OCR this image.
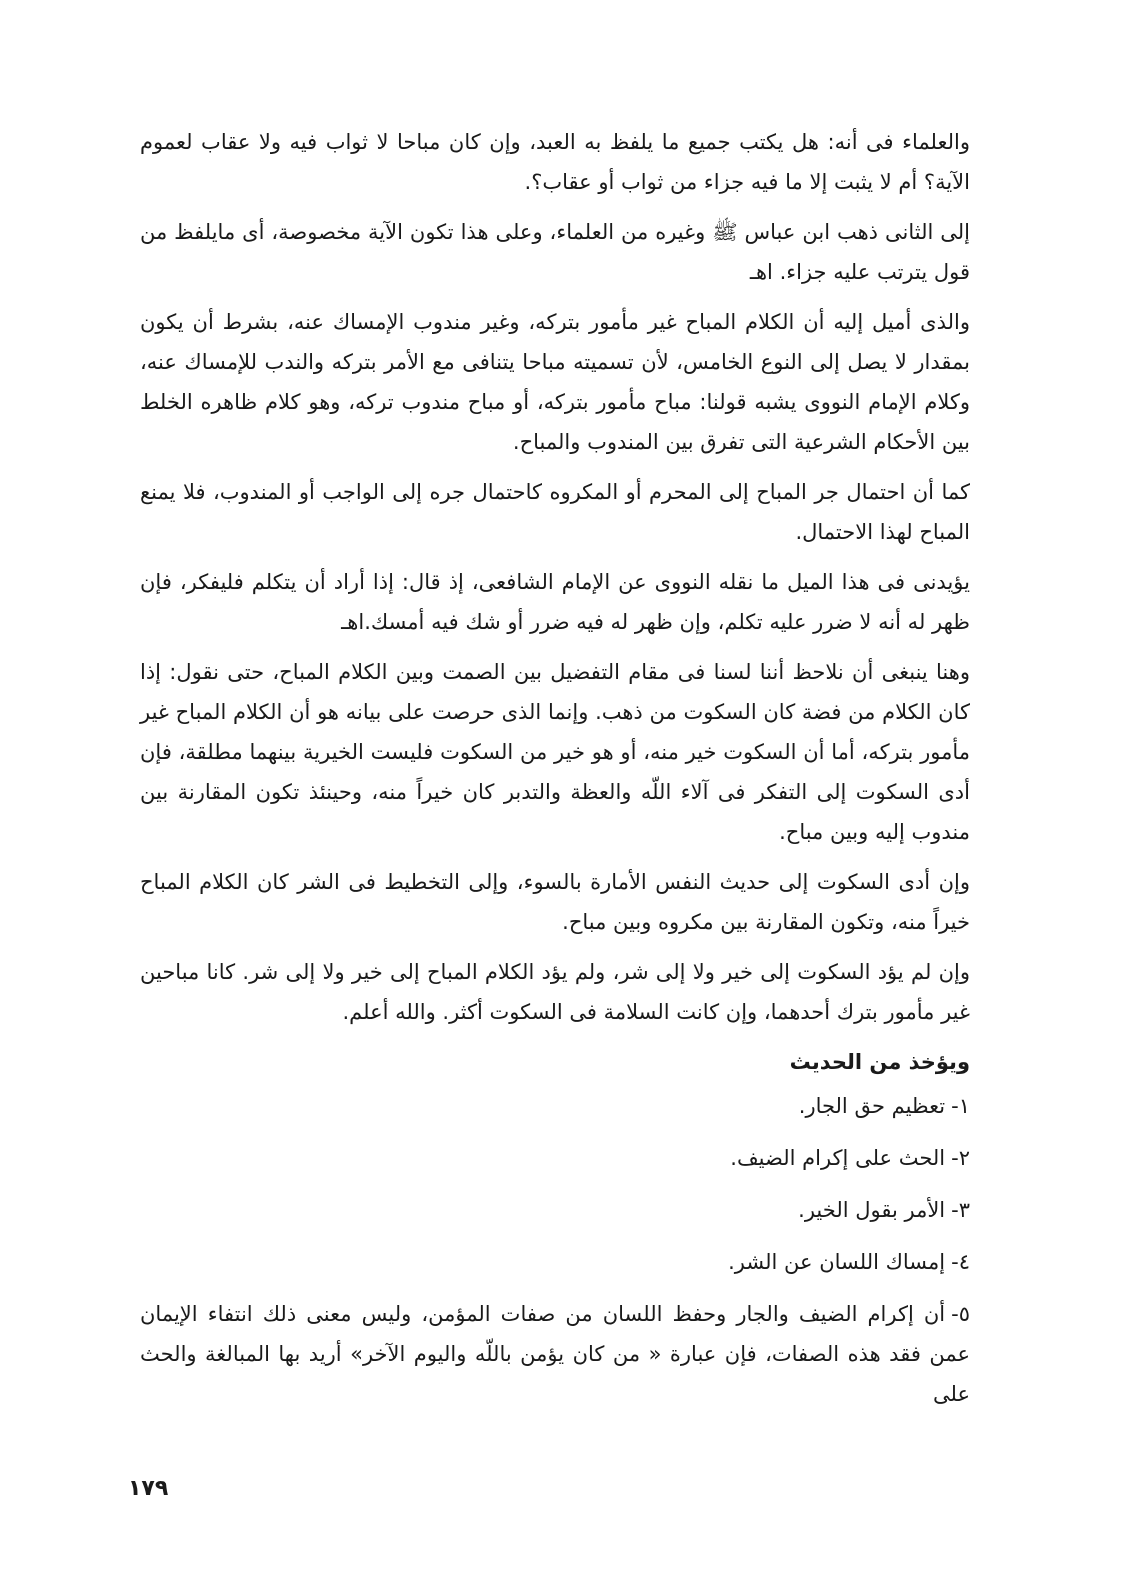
والعلماء فى أنه: هل يكتب جميع ما يلفظ به العبد، وإن كان مباحا لا ثواب فيه ولا عقاب لعموم الآية؟ أم لا يثبت إلا ما فيه جزاء من ثواب أو عقاب؟.

إلى الثانى ذهب ابن عباس ﷺ وغيره من العلماء، وعلى هذا تكون الآية مخصوصة، أى مايلفظ من قول يترتب عليه جزاء. اهـ

والذى أميل إليه أن الكلام المباح غير مأمور بتركه، وغير مندوب الإمساك عنه، بشرط أن يكون بمقدار لا يصل إلى النوع الخامس، لأن تسميته مباحا يتنافى مع الأمر بتركه والندب للإمساك عنه، وكلام الإمام النووى يشبه قولنا: مباح مأمور بتركه، أو مباح مندوب تركه، وهو كلام ظاهره الخلط بين الأحكام الشرعية التى تفرق بين المندوب والمباح.

كما أن احتمال جر المباح إلى المحرم أو المكروه كاحتمال جره إلى الواجب أو المندوب، فلا يمنع المباح لهذا الاحتمال.

يؤيدنى فى هذا الميل ما نقله النووى عن الإمام الشافعى، إذ قال: إذا أراد أن يتكلم فليفكر، فإن ظهر له أنه لا ضرر عليه تكلم، وإن ظهر له فيه ضرر أو شك فيه أمسك.اهـ

وهنا ينبغى أن نلاحظ أننا لسنا فى مقام التفضيل بين الصمت وبين الكلام المباح، حتى نقول: إذا كان الكلام من فضة كان السكوت من ذهب. وإنما الذى حرصت على بيانه هو أن الكلام المباح غير مأمور بتركه، أما أن السكوت خير منه، أو هو خير من السكوت فليست الخيرية بينهما مطلقة، فإن أدى السكوت إلى التفكر فى آلاء اللّه والعظة والتدبر كان خيراً منه، وحينئذ تكون المقارنة بين مندوب إليه وبين مباح.

وإن أدى السكوت إلى حديث النفس الأمارة بالسوء، وإلى التخطيط فى الشر كان الكلام المباح خيراً منه، وتكون المقارنة بين مكروه وبين مباح.

وإن لم يؤد السكوت إلى خير ولا إلى شر، ولم يؤد الكلام المباح إلى خير ولا إلى شر. كانا مباحين غير مأمور بترك أحدهما، وإن كانت السلامة فى السكوت أكثر. والله أعلم.

ويؤخذ من الحديث
١-تعظيم حق الجار.
٢-الحث على إكرام الضيف.
٣-الأمر بقول الخير.
٤-إمساك اللسان عن الشر.
٥-أن إكرام الضيف والجار وحفظ اللسان من صفات المؤمن، وليس معنى ذلك انتفاء الإيمان عمن فقد هذه الصفات، فإن عبارة « من كان يؤمن باللّه واليوم الآخر» أريد بها المبالغة والحث على
١٧٩
